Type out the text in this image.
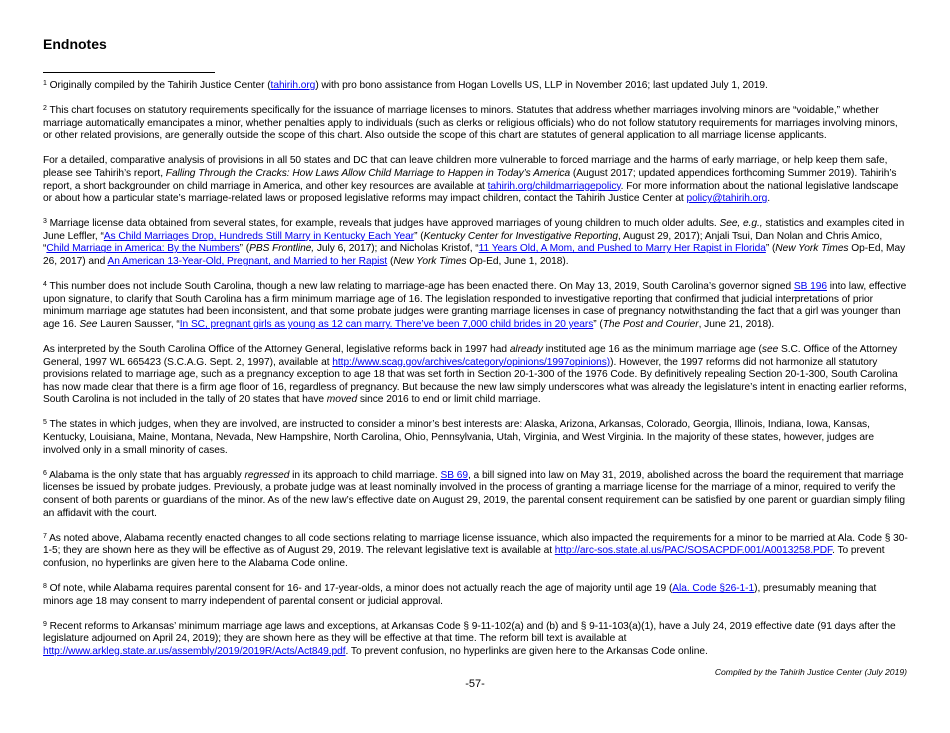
Endnotes

$^1$ Originally compiled by the Tahirih Justice Center (tahirih.org) with pro bono assistance from Hogan Lovells US, LLP in November 2016; last updated July 1, 2019.

$^2$ This chart focuses on statutory requirements specifically for the issuance of marriage licenses to minors. Statutes that address whether marriages involving minors are “voidable,” whether marriage automatically emancipates a minor, whether penalties apply to individuals (such as clerks or religious officials) who do not follow statutory requirements for marriages involving minors, or other related provisions, are generally outside the scope of this chart. Also outside the scope of this chart are statutes of general application to all marriage license applicants.

For a detailed, comparative analysis of provisions in all 50 states and DC that can leave children more vulnerable to forced marriage and the harms of early marriage, or help keep them safe, please see Tahirih’s report, Falling Through the Cracks: How Laws Allow Child Marriage to Happen in Today’s America (August 2017; updated appendices forthcoming Summer 2019). Tahirih’s report, a short backgrounder on child marriage in America, and other key resources are available at tahirih.org/childmarriagepolicy. For more information about the national legislative landscape or about how a particular state’s marriage-related laws or proposed legislative reforms may impact children, contact the Tahirih Justice Center at policy@tahirih.org.

$^3$ Marriage license data obtained from several states, for example, reveals that judges have approved marriages of young children to much older adults. See, e.g., statistics and examples cited in June Leffler, “As Child Marriages Drop, Hundreds Still Marry in Kentucky Each Year” (Kentucky Center for Investigative Reporting, August 29, 2017); Anjali Tsui, Dan Nolan and Chris Amico, “Child Marriage in America: By the Numbers” (PBS Frontline, July 6, 2017); and Nicholas Kristof, “11 Years Old, A Mom, and Pushed to Marry Her Rapist in Florida” (New York Times Op-Ed, May 26, 2017) and An American 13-Year-Old, Pregnant, and Married to her Rapist (New York Times Op-Ed, June 1, 2018).

$^4$ This number does not include South Carolina, though a new law relating to marriage-age has been enacted there. On May 13, 2019, South Carolina’s governor signed SB 196 into law, effective upon signature, to clarify that South Carolina has a firm minimum marriage age of 16. The legislation responded to investigative reporting that confirmed that judicial interpretations of prior minimum marriage age statutes had been inconsistent, and that some probate judges were granting marriage licenses in case of pregnancy notwithstanding the fact that a girl was younger than age 16. See Lauren Sausser, “In SC, pregnant girls as young as 12 can marry. There’ve been 7,000 child brides in 20 years” (The Post and Courier, June 21, 2018).

As interpreted by the South Carolina Office of the Attorney General, legislative reforms back in 1997 had already instituted age 16 as the minimum marriage age (see S.C. Office of the Attorney General, 1997 WL 665423 (S.C.A.G. Sept. 2, 1997), available at http://www.scag.gov/archives/category/opinions/1997opinions)). However, the 1997 reforms did not harmonize all statutory provisions related to marriage age, such as a pregnancy exception to age 18 that was set forth in Section 20-1-300 of the 1976 Code. By definitively repealing Section 20-1-300, South Carolina has now made clear that there is a firm age floor of 16, regardless of pregnancy. But because the new law simply underscores what was already the legislature’s intent in enacting earlier reforms, South Carolina is not included in the tally of 20 states that have moved since 2016 to end or limit child marriage.

$^5$ The states in which judges, when they are involved, are instructed to consider a minor’s best interests are: Alaska, Arizona, Arkansas, Colorado, Georgia, Illinois, Indiana, Iowa, Kansas, Kentucky, Louisiana, Maine, Montana, Nevada, New Hampshire, North Carolina, Ohio, Pennsylvania, Utah, Virginia, and West Virginia. In the majority of these states, however, judges are involved only in a small minority of cases.

$^6$ Alabama is the only state that has arguably regressed in its approach to child marriage. SB 69, a bill signed into law on May 31, 2019, abolished across the board the requirement that marriage licenses be issued by probate judges. Previously, a probate judge was at least nominally involved in the process of granting a marriage license for the marriage of a minor, required to verify the consent of both parents or guardians of the minor. As of the new law’s effective date on August 29, 2019, the parental consent requirement can be satisfied by one parent or guardian simply filing an affidavit with the court.

$^7$ As noted above, Alabama recently enacted changes to all code sections relating to marriage license issuance, which also impacted the requirements for a minor to be married at Ala. Code § 30-1-5; they are shown here as they will be effective as of August 29, 2019. The relevant legislative text is available at http://arc-sos.state.al.us/PAC/SOSACPDF.001/A0013258.PDF. To prevent confusion, no hyperlinks are given here to the Alabama Code online.

$^8$ Of note, while Alabama requires parental consent for 16- and 17-year-olds, a minor does not actually reach the age of majority until age 19 (Ala. Code §26-1-1), presumably meaning that minors age 18 may consent to marry independent of parental consent or judicial approval.

$^9$ Recent reforms to Arkansas’ minimum marriage age laws and exceptions, at Arkansas Code § 9-11-102(a) and (b) and § 9-11-103(a)(1), have a July 24, 2019 effective date (91 days after the legislature adjourned on April 24, 2019); they are shown here as they will be effective at that time. The reform bill text is available at http://www.arkleg.state.ar.us/assembly/2019/2019R/Acts/Act849.pdf. To prevent confusion, no hyperlinks are given here to the Arkansas Code online.

Compiled by the Tahirih Justice Center (July 2019)
-57-
